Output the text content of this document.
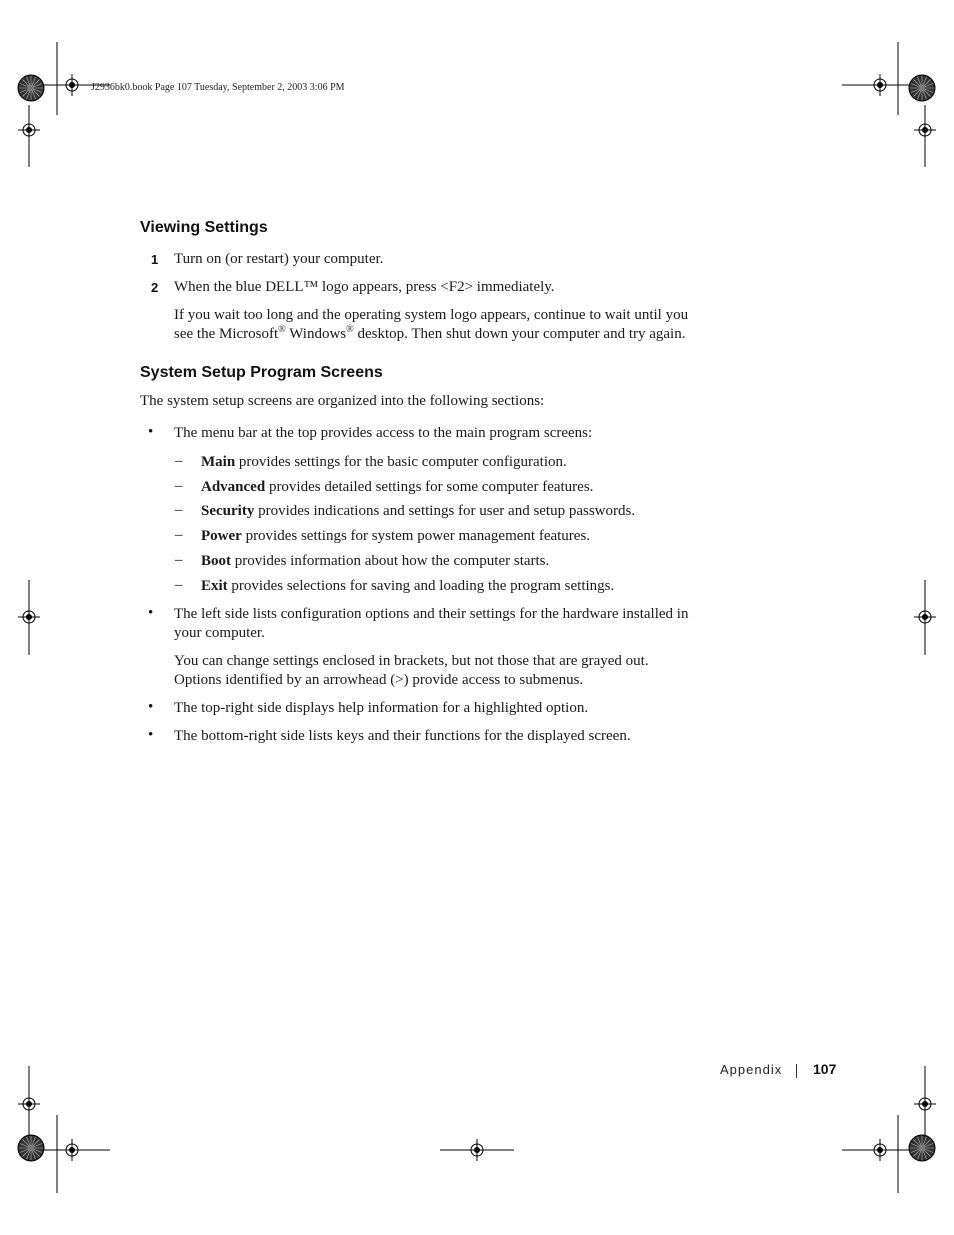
J2936bk0.book Page 107 Tuesday, September 2, 2003 3:06 PM
Viewing Settings
1 Turn on (or restart) your computer.
2 When the blue DELL™ logo appears, press <F2> immediately.
If you wait too long and the operating system logo appears, continue to wait until you
see the Microsoft® Windows® desktop. Then shut down your computer and try again.
System Setup Program Screens
The system setup screens are organized into the following sections:
• The menu bar at the top provides access to the main program screens:
– Main provides settings for the basic computer configuration.
– Advanced provides detailed settings for some computer features.
– Security provides indications and settings for user and setup passwords.
– Power provides settings for system power management features.
– Boot provides information about how the computer starts.
– Exit provides selections for saving and loading the program settings.
• The left side lists configuration options and their settings for the hardware installed in
your computer.
You can change settings enclosed in brackets, but not those that are grayed out.
Options identified by an arrowhead (>) provide access to submenus.
• The top-right side displays help information for a highlighted option.
• The bottom-right side lists keys and their functions for the displayed screen.
Appendix 107
